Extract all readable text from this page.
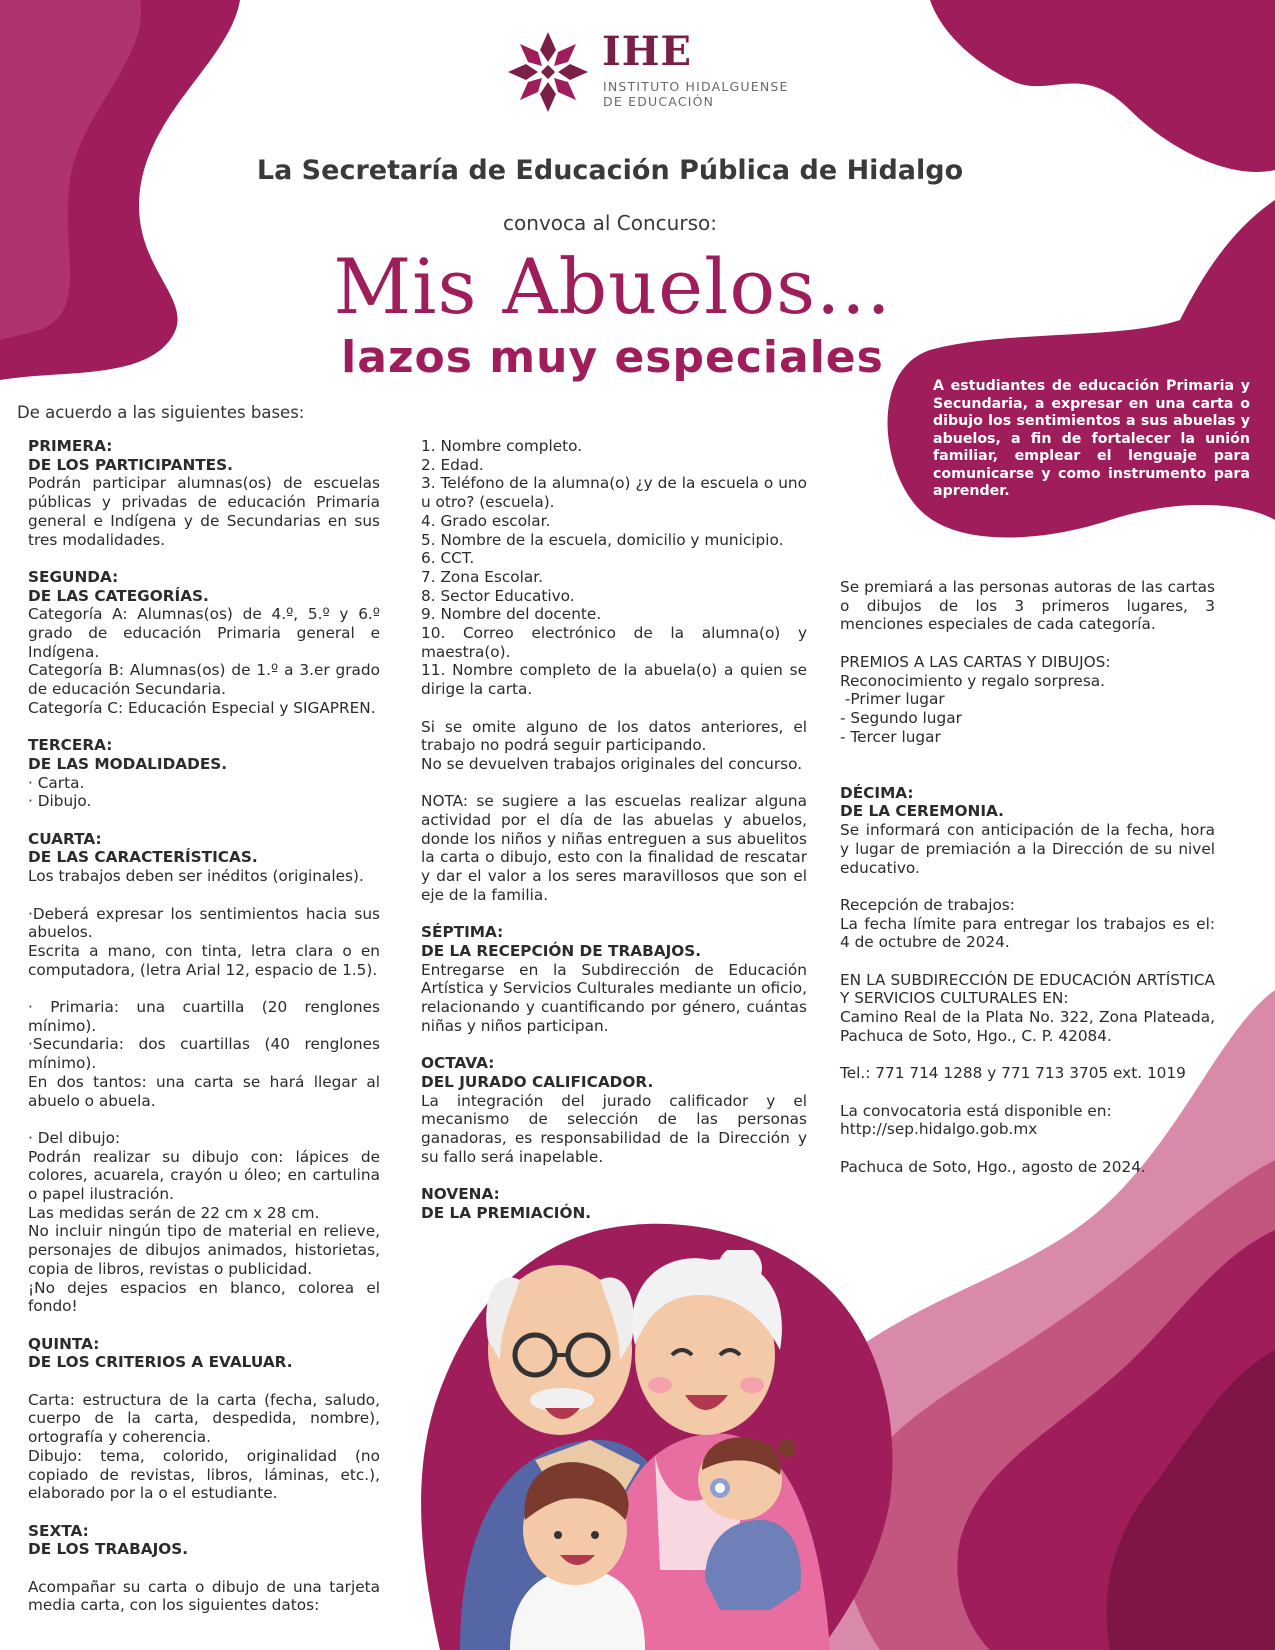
IHE
INSTITUTO HIDALGUENSE
DE EDUCACIÓN
La Secretaría de Educación Pública de Hidalgo
convoca al Concurso:
Mis Abuelos...
lazos muy especiales
A estudiantes de educación Primaria y Secundaria, a expresar en una carta o dibujo los sentimientos a sus abuelas y abuelos, a fin de fortalecer la unión familiar, emplear el lenguaje para comunicarse y como instrumento para aprender.
De acuerdo a las siguientes bases:
PRIMERA:
DE LOS PARTICIPANTES.
Podrán participar alumnas(os) de escuelas públicas y privadas de educación Primaria general e Indígena y de Secundarias en sus tres modalidades.
SEGUNDA:
DE LAS CATEGORÍAS.
Categoría A: Alumnas(os) de 4.º, 5.º y 6.º grado de educación Primaria general e Indígena.
Categoría B: Alumnas(os) de 1.º a 3.er grado de educación Secundaria.
Categoría C: Educación Especial y SIGAPREN.
TERCERA:
DE LAS MODALIDADES.
· Carta.
· Dibujo.
CUARTA:
DE LAS CARACTERÍSTICAS.
Los trabajos deben ser inéditos (originales).
·Deberá expresar los sentimientos hacia sus abuelos.
Escrita a mano, con tinta, letra clara o en computadora, (letra Arial 12, espacio de 1.5).
· Primaria: una cuartilla (20 renglones mínimo).
·Secundaria: dos cuartillas (40 renglones mínimo).
En dos tantos: una carta se hará llegar al abuelo o abuela.
· Del dibujo:
Podrán realizar su dibujo con: lápices de colores, acuarela, crayón u óleo; en cartulina o papel ilustración.
Las medidas serán de 22 cm x 28 cm.
No incluir ningún tipo de material en relieve, personajes de dibujos animados, historietas, copia de libros, revistas o publicidad.
¡No dejes espacios en blanco, colorea el fondo!
QUINTA:
DE LOS CRITERIOS A EVALUAR.
Carta: estructura de la carta (fecha, saludo, cuerpo de la carta, despedida, nombre), ortografía y coherencia.
Dibujo: tema, colorido, originalidad (no copiado de revistas, libros, láminas, etc.), elaborado por la o el estudiante.
SEXTA:
DE LOS TRABAJOS.
Acompañar su carta o dibujo de una tarjeta media carta, con los siguientes datos:
1. Nombre completo.
2. Edad.
3. Teléfono de la alumna(o) ¿y de la escuela o uno u otro? (escuela).
4. Grado escolar.
5. Nombre de la escuela, domicilio y municipio.
6. CCT.
7. Zona Escolar.
8. Sector Educativo.
9. Nombre del docente.
10. Correo electrónico de la alumna(o) y maestra(o).
11. Nombre completo de la abuela(o) a quien se dirige la carta.
Si se omite alguno de los datos anteriores, el trabajo no podrá seguir participando.
No se devuelven trabajos originales del concurso.
NOTA: se sugiere a las escuelas realizar alguna actividad por el día de las abuelas y abuelos, donde los niños y niñas entreguen a sus abuelitos la carta o dibujo, esto con la finalidad de rescatar y dar el valor a los seres maravillosos que son el eje de la familia.
SÉPTIMA:
DE LA RECEPCIÓN DE TRABAJOS.
Entregarse en la Subdirección de Educación Artística y Servicios Culturales mediante un oficio, relacionando y cuantificando por género, cuántas niñas y niños participan.
OCTAVA:
DEL JURADO CALIFICADOR.
La integración del jurado calificador y el mecanismo de selección de las personas ganadoras, es responsabilidad de la Dirección y su fallo será inapelable.
NOVENA:
DE LA PREMIACIÓN.
Se premiará a las personas autoras de las cartas o dibujos de los 3 primeros lugares, 3 menciones especiales de cada categoría.
PREMIOS A LAS CARTAS Y DIBUJOS:
Reconocimiento y regalo sorpresa.
-Primer lugar
- Segundo lugar
- Tercer lugar
DÉCIMA:
DE LA CEREMONIA.
Se informará con anticipación de la fecha, hora y lugar de premiación a la Dirección de su nivel educativo.
Recepción de trabajos:
La fecha límite para entregar los trabajos es el: 4 de octubre de 2024.
EN LA SUBDIRECCIÓN DE EDUCACIÓN ARTÍSTICA Y SERVICIOS CULTURALES EN:
Camino Real de la Plata No. 322, Zona Plateada, Pachuca de Soto, Hgo., C. P. 42084.
Tel.: 771 714 1288 y 771 713 3705 ext. 1019
La convocatoria está disponible en:
http://sep.hidalgo.gob.mx
Pachuca de Soto, Hgo., agosto de 2024.
